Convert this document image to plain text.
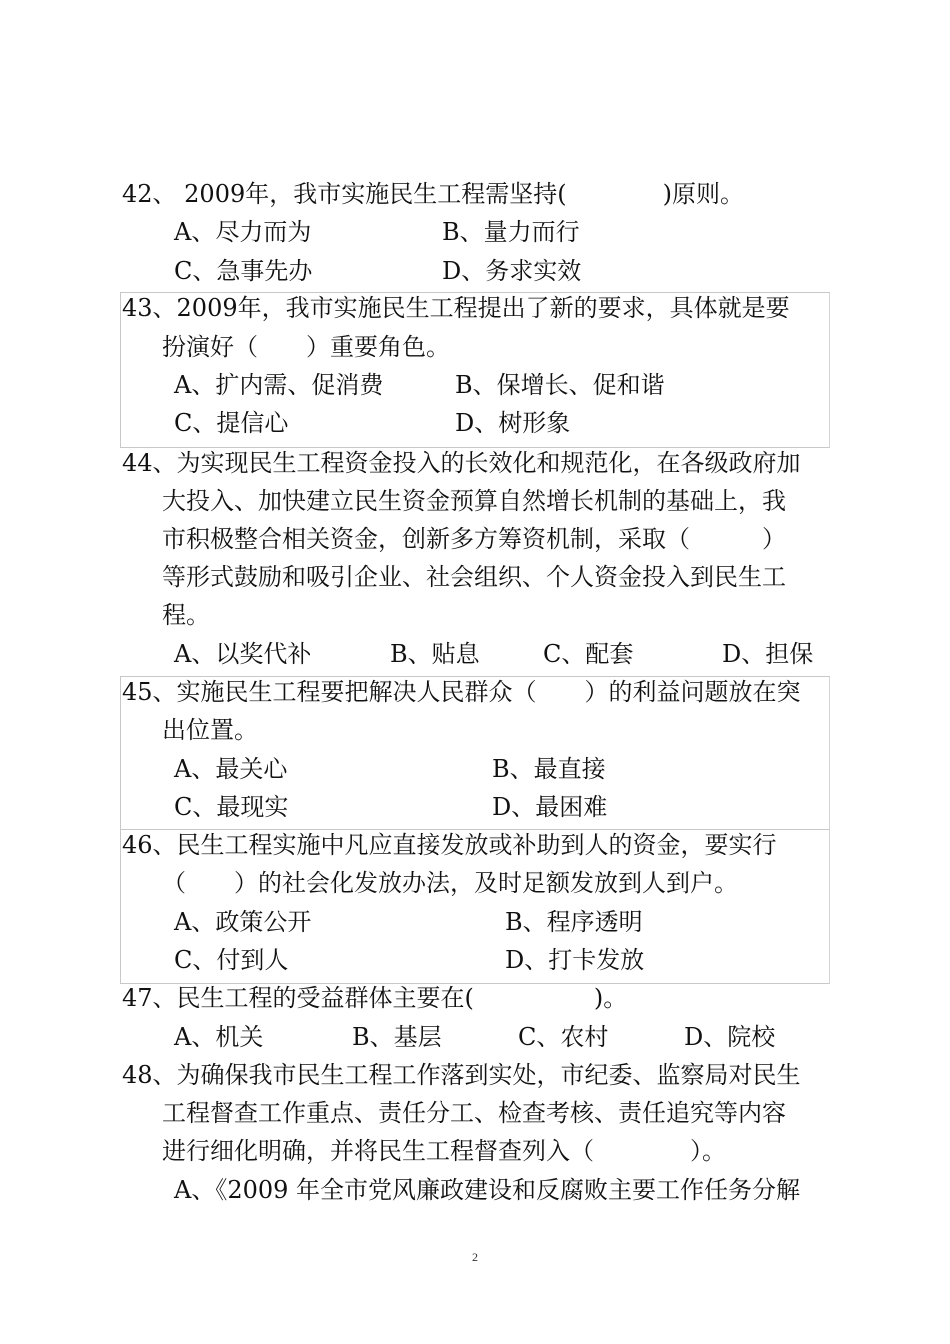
42、 2009年，我市实施民生工程需坚持(　　　　)原则。
A、尽力而为	B、量力而行
C、急事先办	D、务求实效
43、2009年，我市实施民生工程提出了新的要求，具体就是要
扮演好（　　）重要角色。
A、扩内需、促消费	B、保增长、促和谐
C、提信心	D、树形象
44、为实现民生工程资金投入的长效化和规范化，在各级政府加
大投入、加快建立民生资金预算自然增长机制的基础上，我
市积极整合相关资金，创新多方筹资机制，采取（　　　）
等形式鼓励和吸引企业、社会组织、个人资金投入到民生工
程。
A、以奖代补	B、贴息	C、配套	D、担保
45、实施民生工程要把解决人民群众（　　）的利益问题放在突
出位置。
A、最关心	B、最直接
C、最现实	D、最困难
46、民生工程实施中凡应直接发放或补助到人的资金，要实行
（　　）的社会化发放办法，及时足额发放到人到户。
A、政策公开	B、程序透明
C、付到人	D、打卡发放
47、民生工程的受益群体主要在(　　　　　)。
A、机关	B、基层	C、农村	D、院校
48、为确保我市民生工程工作落到实处，市纪委、监察局对民生
工程督查工作重点、责任分工、检查考核、责任追究等内容
进行细化明确，并将民生工程督查列入（　　　　）。
A、《2009 年全市党风廉政建设和反腐败主要工作任务分解
2
